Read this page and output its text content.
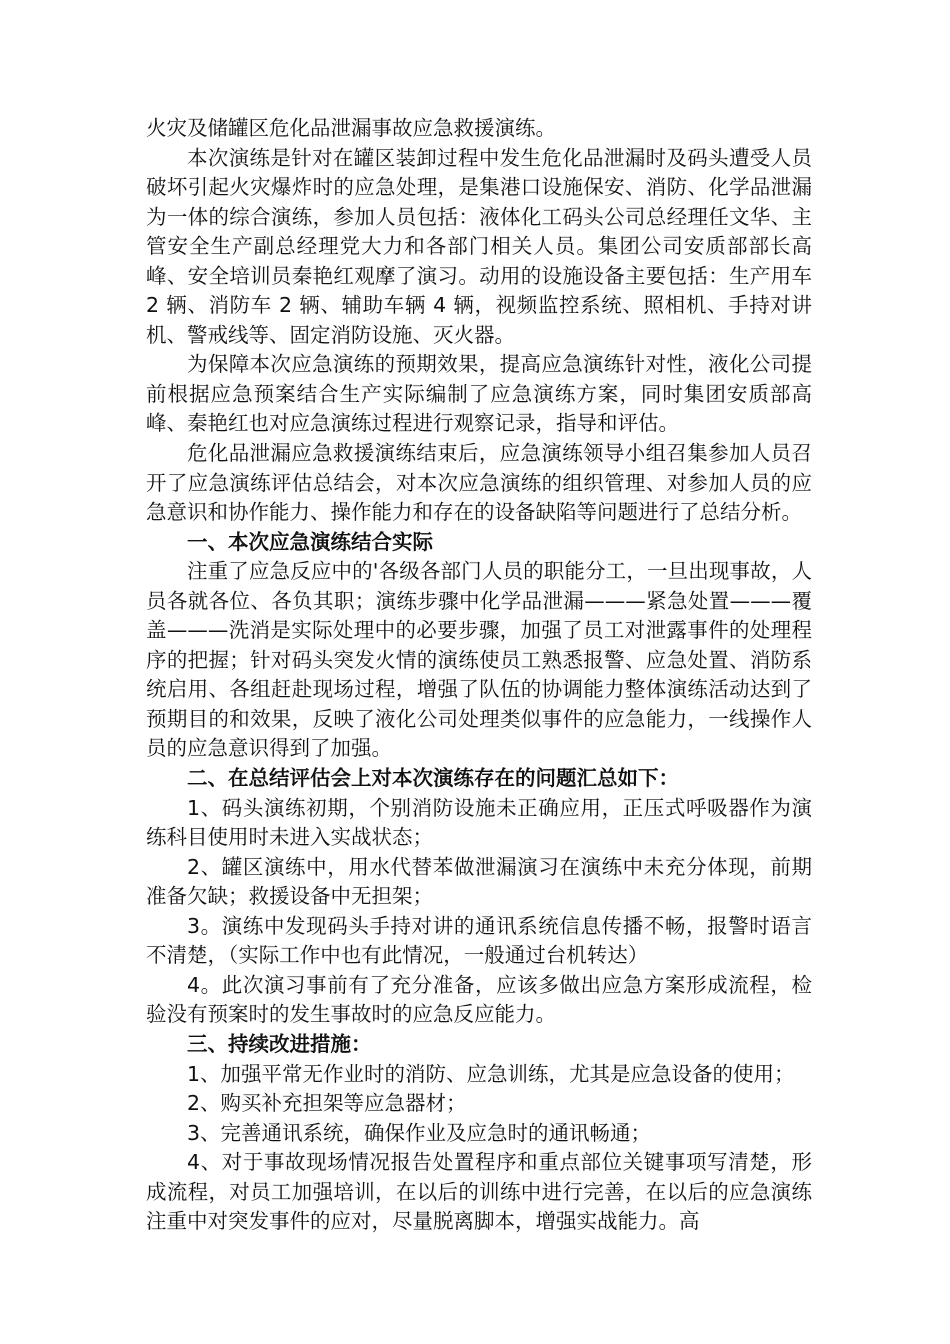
火灾及储罐区危化品泄漏事故应急救援演练。

本次演练是针对在罐区装卸过程中发生危化品泄漏时及码头遭受人员破坏引起火灾爆炸时的应急处理，是集港口设施保安、消防、化学品泄漏为一体的综合演练，参加人员包括：液体化工码头公司总经理任文华、主管安全生产副总经理党大力和各部门相关人员。集团公司安质部部长高峰、安全培训员秦艳红观摩了演习。动用的设施设备主要包括：生产用车 2 辆、消防车 2 辆、辅助车辆 4 辆，视频监控系统、照相机、手持对讲机、警戒线等、固定消防设施、灭火器。

为保障本次应急演练的预期效果，提高应急演练针对性，液化公司提前根据应急预案结合生产实际编制了应急演练方案，同时集团安质部高峰、秦艳红也对应急演练过程进行观察记录，指导和评估。

危化品泄漏应急救援演练结束后，应急演练领导小组召集参加人员召开了应急演练评估总结会，对本次应急演练的组织管理、对参加人员的应急意识和协作能力、操作能力和存在的设备缺陷等问题进行了总结分析。

一、本次应急演练结合实际

注重了应急反应中的'各级各部门人员的职能分工，一旦出现事故，人员各就各位、各负其职；演练步骤中化学品泄漏———紧急处置———覆盖———洗消是实际处理中的必要步骤，加强了员工对泄露事件的处理程序的把握；针对码头突发火情的演练使员工熟悉报警、应急处置、消防系统启用、各组赶赴现场过程，增强了队伍的协调能力整体演练活动达到了预期目的和效果，反映了液化公司处理类似事件的应急能力，一线操作人员的应急意识得到了加强。

二、在总结评估会上对本次演练存在的问题汇总如下：

1、码头演练初期，个别消防设施未正确应用，正压式呼吸器作为演练科目使用时未进入实战状态；

2、罐区演练中，用水代替苯做泄漏演习在演练中未充分体现，前期准备欠缺；救援设备中无担架；

3。演练中发现码头手持对讲的通讯系统信息传播不畅，报警时语言不清楚，（实际工作中也有此情况，一般通过台机转达）

4。此次演习事前有了充分准备，应该多做出应急方案形成流程，检验没有预案时的发生事故时的应急反应能力。

三、持续改进措施：

1、加强平常无作业时的消防、应急训练，尤其是应急设备的使用；

2、购买补充担架等应急器材；

3、完善通讯系统，确保作业及应急时的通讯畅通；

4、对于事故现场情况报告处置程序和重点部位关键事项写清楚，形成流程，对员工加强培训，在以后的训练中进行完善，在以后的应急演练注重中对突发事件的应对，尽量脱离脚本，增强实战能力。高
